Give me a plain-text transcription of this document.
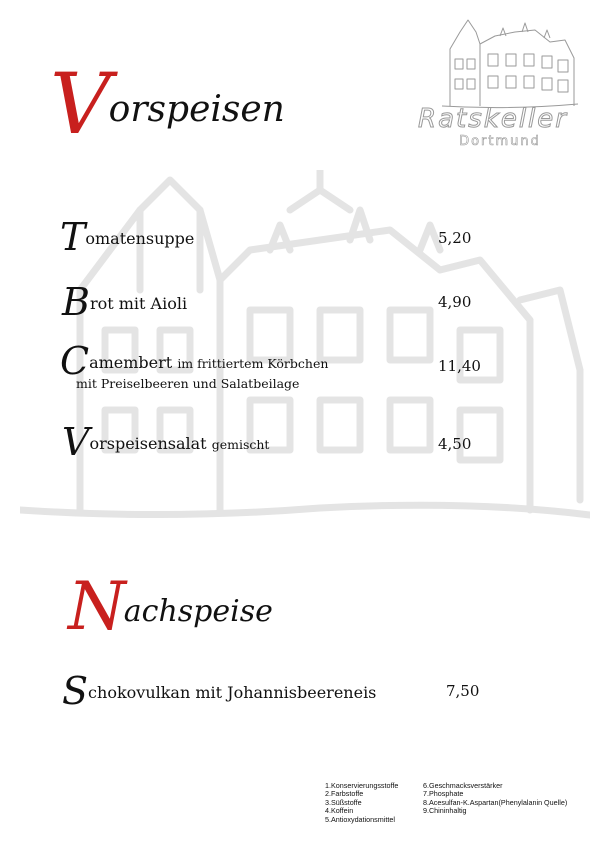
Ratskeller
Dortmund
Vorspeisen
Tomatensuppe	5,20
Brot mit Aioli	4,90
Camembert im frittiertem Körbchen
mit Preiselbeeren und Salatbeilage
11,40
Vorspeisensalat gemischt	4,50
Nachspeise
Schokovulkan mit Johannisbeereneis	7,50
1.Konservierungsstoffe
2.Farbstoffe
3.Süßstoffe
4.Koffein
5.Antioxydationsmittel
6.Geschmacksverstärker
7.Phosphate
8.Acesulfan-K.Aspartan(Phenylalanin Quelle)
9.Chininhaltig
